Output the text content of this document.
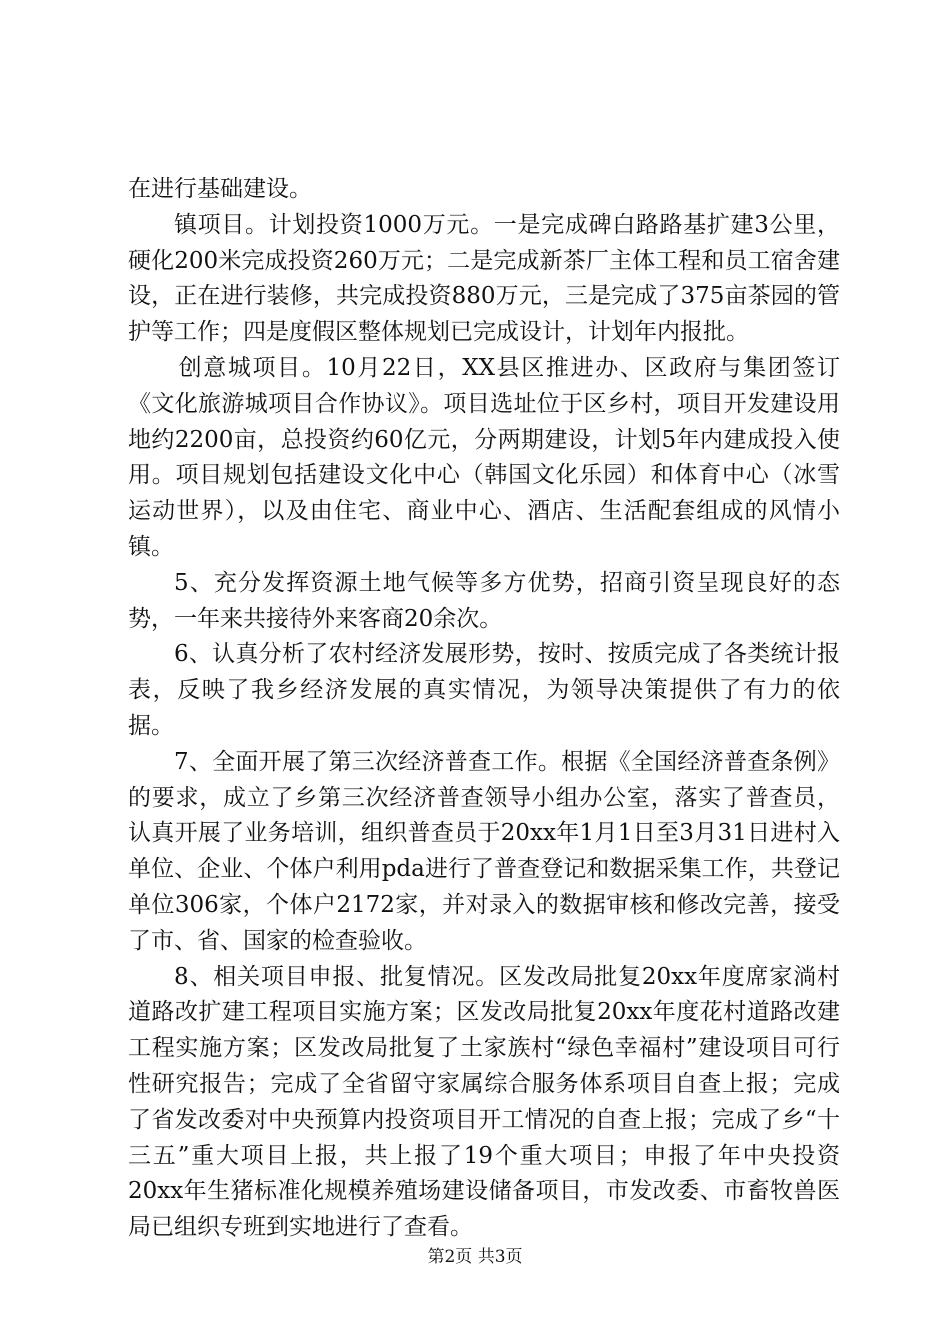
在进行基础建设。

镇项目。计划投资1000万元。一是完成碑白路路基扩建3公里，硬化200米完成投资260万元；二是完成新茶厂主体工程和员工宿舍建设，正在进行装修，共完成投资880万元，三是完成了375亩茶园的管护等工作；四是度假区整体规划已完成设计，计划年内报批。

创意城项目。10月22日，XX县区推进办、区政府与集团签订《文化旅游城项目合作协议》。项目选址位于区乡村，项目开发建设用地约2200亩，总投资约60亿元，分两期建设，计划5年内建成投入使用。项目规划包括建设文化中心（韩国文化乐园）和体育中心（冰雪运动世界），以及由住宅、商业中心、酒店、生活配套组成的风情小镇。

5、充分发挥资源土地气候等多方优势，招商引资呈现良好的态势，一年来共接待外来客商20余次。

6、认真分析了农村经济发展形势，按时、按质完成了各类统计报表，反映了我乡经济发展的真实情况，为领导决策提供了有力的依据。

7、全面开展了第三次经济普查工作。根据《全国经济普查条例》的要求，成立了乡第三次经济普查领导小组办公室，落实了普查员，认真开展了业务培训，组织普查员于20xx年1月1日至3月31日进村入单位、企业、个体户利用pda进行了普查登记和数据采集工作，共登记单位306家，个体户2172家，并对录入的数据审核和修改完善，接受了市、省、国家的检查验收。

8、相关项目申报、批复情况。区发改局批复20xx年度席家淌村道路改扩建工程项目实施方案；区发改局批复20xx年度花村道路改建工程实施方案；区发改局批复了土家族村“绿色幸福村”建设项目可行性研究报告；完成了全省留守家属综合服务体系项目自查上报；完成了省发改委对中央预算内投资项目开工情况的自查上报；完成了乡“十三五”重大项目上报，共上报了19个重大项目；申报了年中央投资20xx年生猪标准化规模养殖场建设储备项目，市发改委、市畜牧兽医局已组织专班到实地进行了查看。

第2页 共3页
